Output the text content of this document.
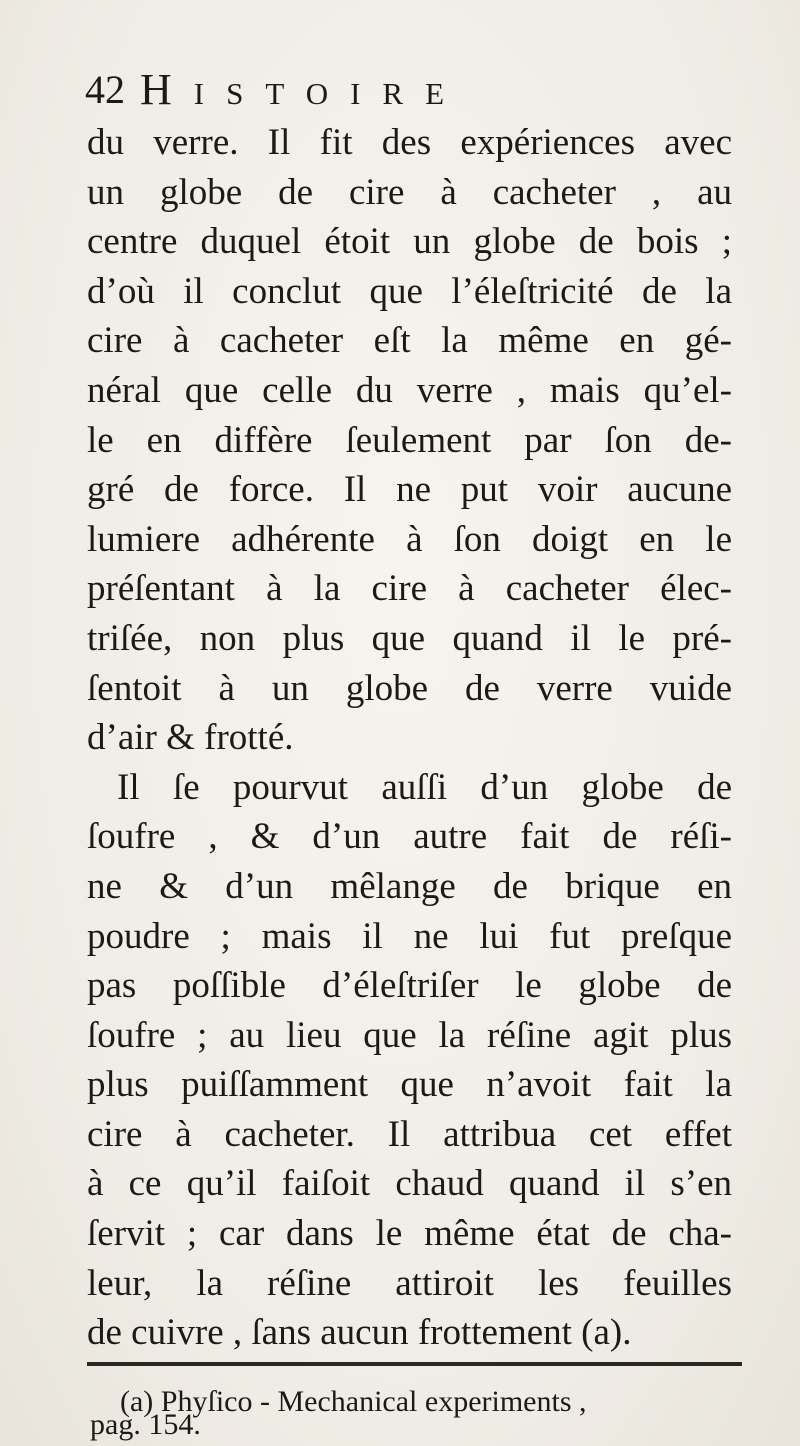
42 Histoire
du verre. Il fit des expériences avec
un globe de cire à cacheter , au
centre duquel étoit un globe de bois ;
d’où il conclut que l’éleſtricité de la
cire à cacheter eſt la même en gé-
néral que celle du verre , mais qu’el-
le en diffère ſeulement par ſon de-
gré de force. Il ne put voir aucune
lumiere adhérente à ſon doigt en le
préſentant à la cire à cacheter élec-
triſée, non plus que quand il le pré-
ſentoit à un globe de verre vuide
d’air & frotté.
Il ſe pourvut auſſi d’un globe de
ſoufre , & d’un autre fait de réſi-
ne & d’un mêlange de brique en
poudre ; mais il ne lui fut preſque
pas poſſible d’éleſtriſer le globe de
ſoufre ; au lieu que la réſine agit plus
plus puiſſamment que n’avoit fait la
cire à cacheter. Il attribua cet effet
à ce qu’il faiſoit chaud quand il s’en
ſervit ; car dans le même état de cha-
leur, la réſine attiroit les feuilles
de cuivre , ſans aucun frottement (a).
(a) Phyſico - Mechanical experiments ,
pag. 154.
